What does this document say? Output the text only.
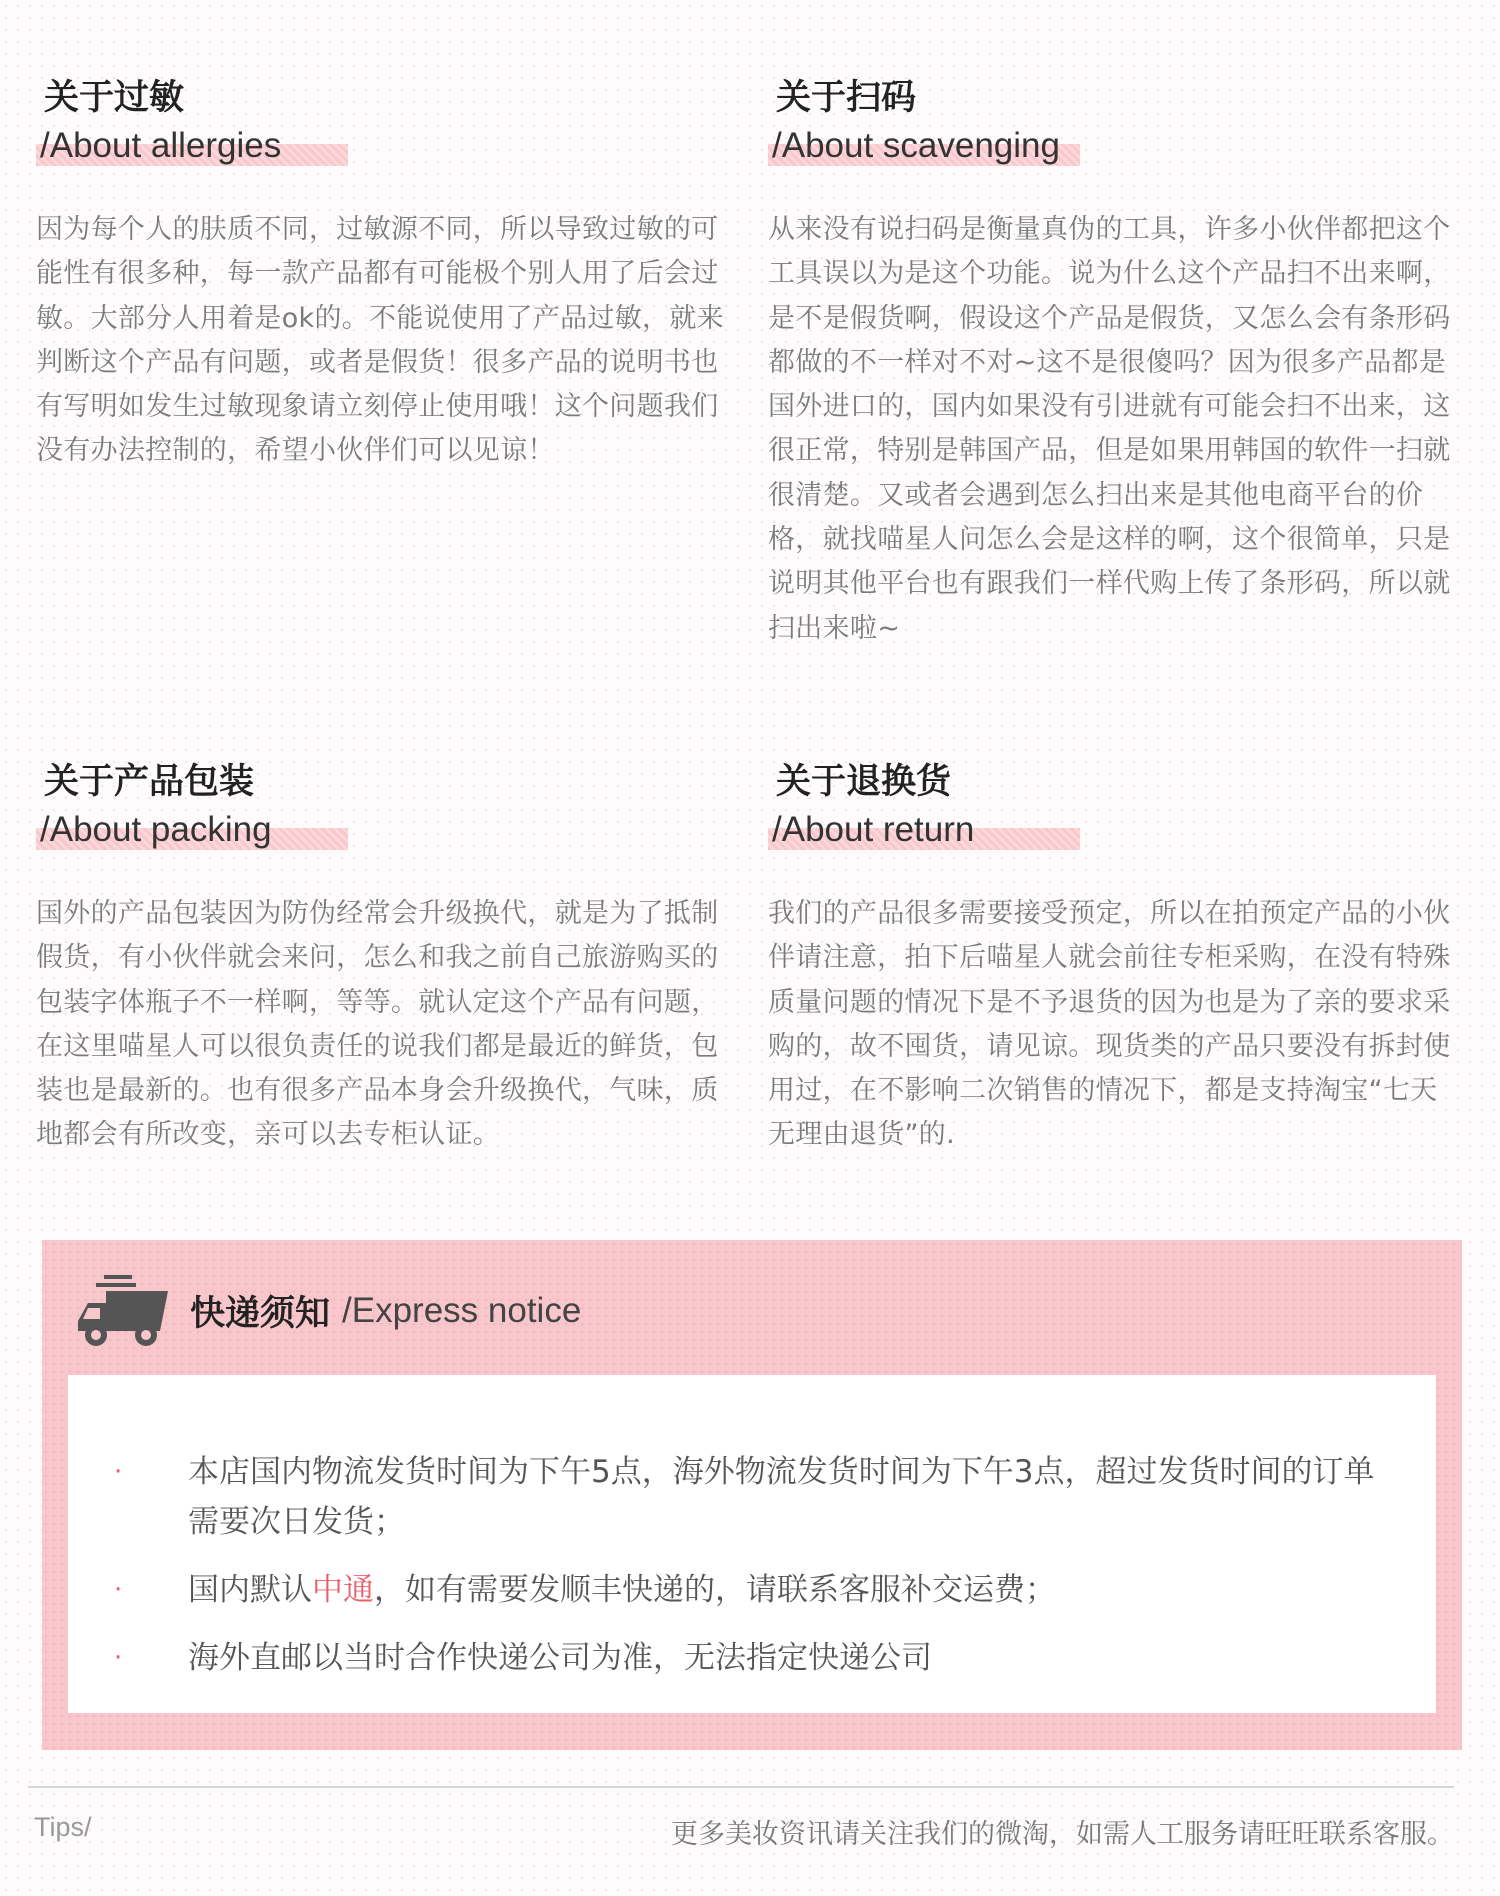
关于过敏
/About allergies
因为每个人的肤质不同，过敏源不同，所以导致过敏的可能性有很多种，每一款产品都有可能极个别人用了后会过敏。大部分人用着是ok的。不能说使用了产品过敏，就来判断这个产品有问题，或者是假货！很多产品的说明书也有写明如发生过敏现象请立刻停止使用哦！这个问题我们没有办法控制的，希望小伙伴们可以见谅！
关于扫码
/About scavenging
从来没有说扫码是衡量真伪的工具，许多小伙伴都把这个工具误以为是这个功能。说为什么这个产品扫不出来啊，是不是假货啊，假设这个产品是假货，又怎么会有条形码都做的不一样对不对~这不是很傻吗？因为很多产品都是国外进口的，国内如果没有引进就有可能会扫不出来，这很正常，特别是韩国产品，但是如果用韩国的软件一扫就很清楚。又或者会遇到怎么扫出来是其他电商平台的价格，就找喵星人问怎么会是这样的啊，这个很简单，只是说明其他平台也有跟我们一样代购上传了条形码，所以就扫出来啦~
关于产品包装
/About packing
国外的产品包装因为防伪经常会升级换代，就是为了抵制假货，有小伙伴就会来问，怎么和我之前自己旅游购买的包装字体瓶子不一样啊，等等。就认定这个产品有问题，在这里喵星人可以很负责任的说我们都是最近的鲜货，包装也是最新的。也有很多产品本身会升级换代，气味，质地都会有所改变，亲可以去专柜认证。
关于退换货
/About return
我们的产品很多需要接受预定，所以在拍预定产品的小伙伴请注意，拍下后喵星人就会前往专柜采购，在没有特殊质量问题的情况下是不予退货的因为也是为了亲的要求采购的，故不囤货，请见谅。现货类的产品只要没有拆封使用过，在不影响二次销售的情况下，都是支持淘宝“七天无理由退货”的.
快递须知 /Express notice
· 本店国内物流发货时间为下午5点，海外物流发货时间为下午3点，超过发货时间的订单需要次日发货；
· 国内默认中通，如有需要发顺丰快递的，请联系客服补交运费；
· 海外直邮以当时合作快递公司为准，无法指定快递公司
Tips/	更多美妆资讯请关注我们的微淘，如需人工服务请旺旺联系客服。
